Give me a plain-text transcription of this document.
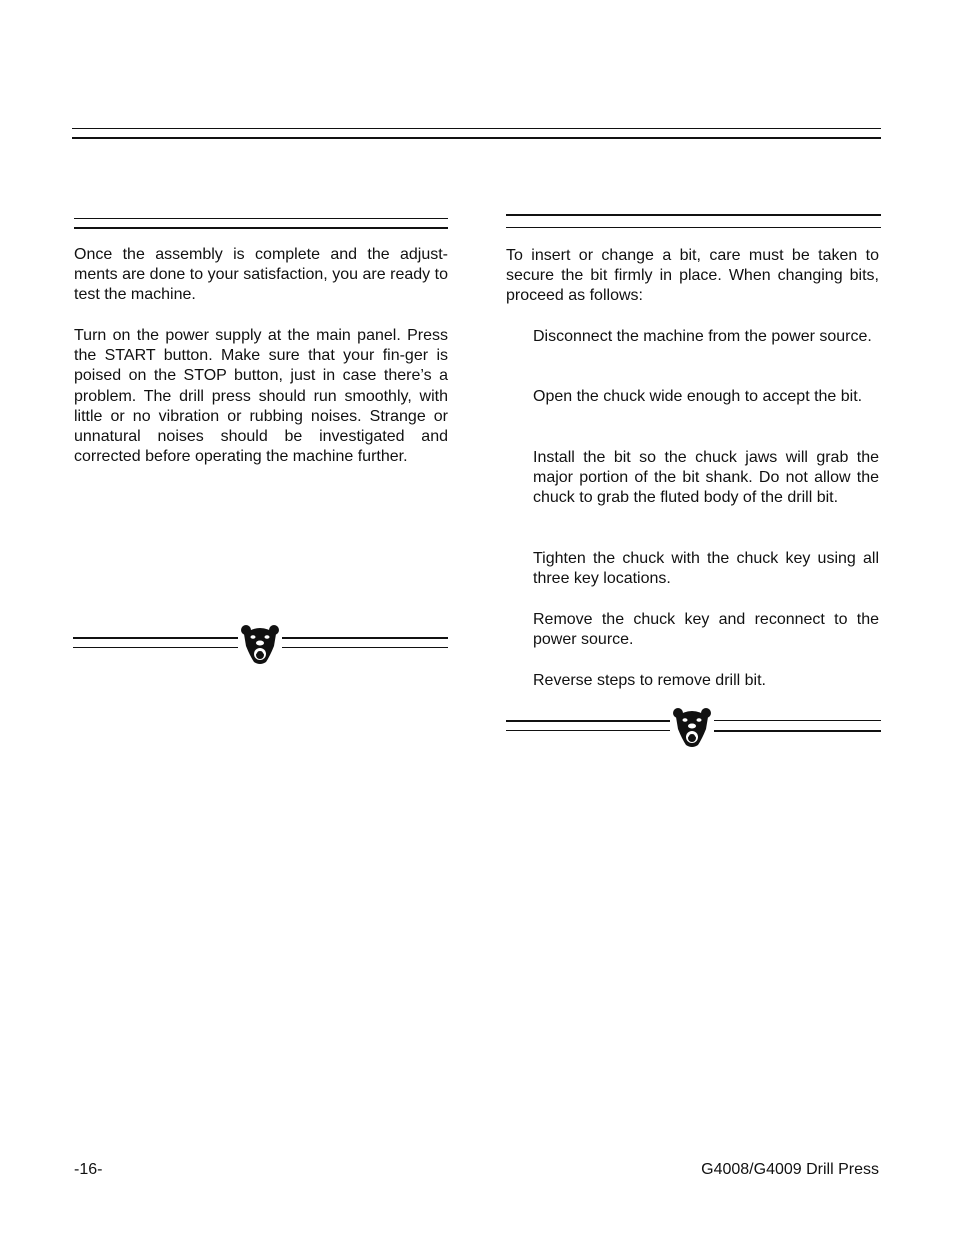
Once the assembly is complete and the adjust-ments are done to your satisfaction, you are ready to test the machine.

Turn on the power supply at the main panel. Press the START button. Make sure that your fin-ger is poised on the STOP button, just in case there’s a problem. The drill press should run smoothly, with little or no vibration or rubbing noises. Strange or unnatural noises should be investigated and corrected before operating the machine further.

To insert or change a bit, care must be taken to secure the bit firmly in place. When changing bits, proceed as follows:

Disconnect the machine from the power source.

Open the chuck wide enough to accept the bit.

Install the bit so the chuck jaws will grab the major portion of the bit shank. Do not allow the chuck to grab the fluted body of the drill bit.

Tighten the chuck with the chuck key using all three key locations.

Remove the chuck key and reconnect to the power source.

Reverse steps to remove drill bit.

-16-	G4008/G4009 Drill Press
